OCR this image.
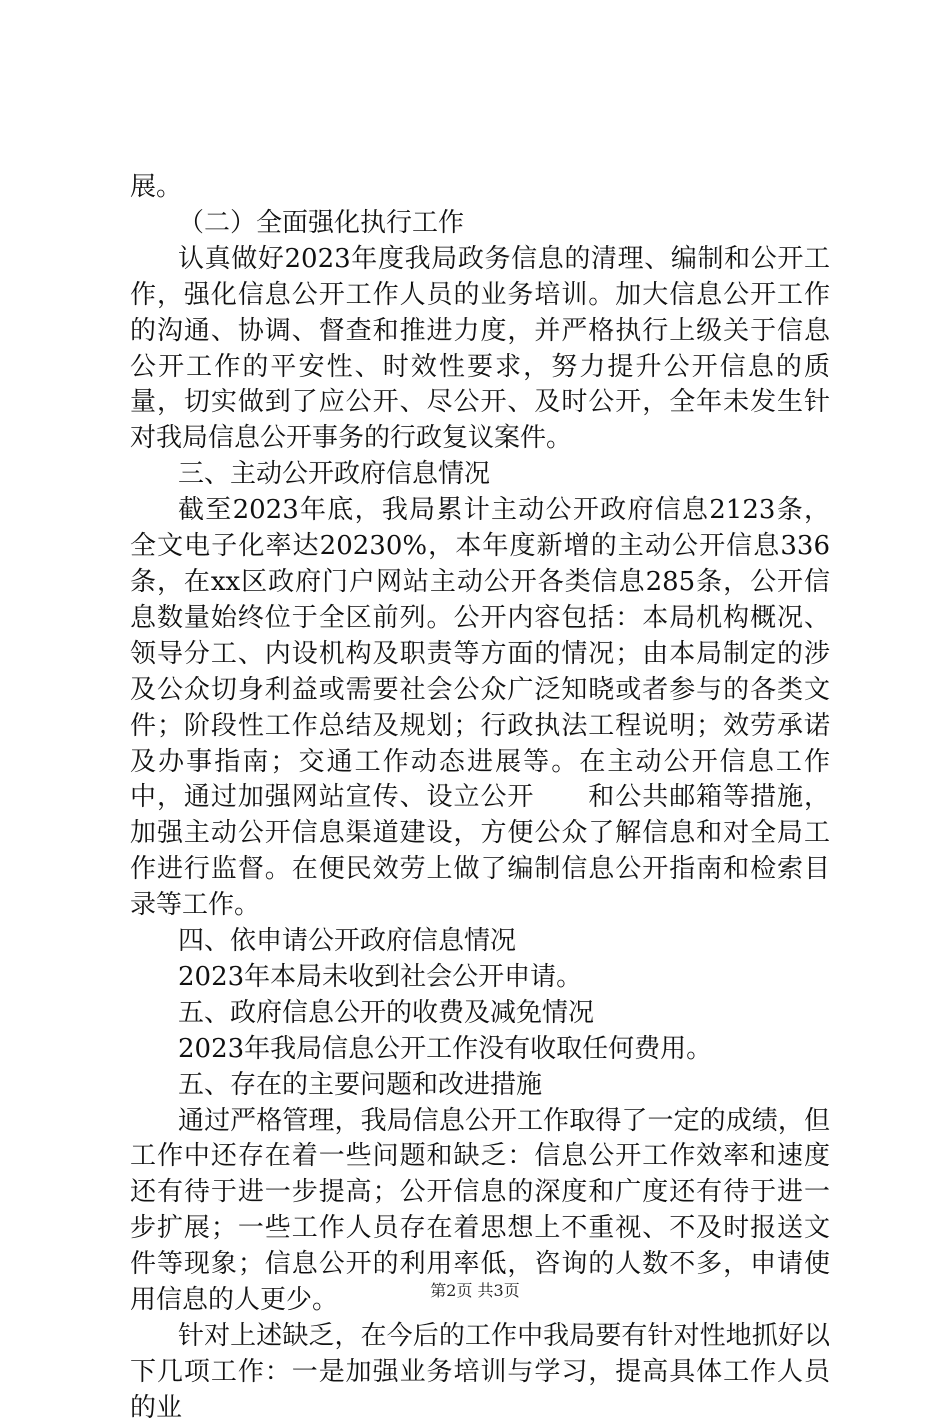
展。

（二）全面强化执行工作

认真做好2023年度我局政务信息的清理、编制和公开工作，强化信息公开工作人员的业务培训。加大信息公开工作的沟通、协调、督查和推进力度，并严格执行上级关于信息公开工作的平安性、时效性要求，努力提升公开信息的质量，切实做到了应公开、尽公开、及时公开，全年未发生针对我局信息公开事务的行政复议案件。

三、主动公开政府信息情况

截至2023年底，我局累计主动公开政府信息2123条，全文电子化率达20230%，本年度新增的主动公开信息336条，在xx区政府门户网站主动公开各类信息285条，公开信息数量始终位于全区前列。公开内容包括：本局机构概况、领导分工、内设机构及职责等方面的情况；由本局制定的涉及公众切身利益或需要社会公众广泛知晓或者参与的各类文件；阶段性工作总结及规划；行政执法工程说明；效劳承诺及办事指南；交通工作动态进展等。在主动公开信息工作中，通过加强网站宣传、设立公开　　和公共邮箱等措施，加强主动公开信息渠道建设，方便公众了解信息和对全局工作进行监督。在便民效劳上做了编制信息公开指南和检索目录等工作。

四、依申请公开政府信息情况

2023年本局未收到社会公开申请。

五、政府信息公开的收费及减免情况

2023年我局信息公开工作没有收取任何费用。

五、存在的主要问题和改进措施

通过严格管理，我局信息公开工作取得了一定的成绩，但工作中还存在着一些问题和缺乏：信息公开工作效率和速度还有待于进一步提高；公开信息的深度和广度还有待于进一步扩展；一些工作人员存在着思想上不重视、不及时报送文件等现象；信息公开的利用率低，咨询的人数不多，申请使用信息的人更少。

针对上述缺乏，在今后的工作中我局要有针对性地抓好以下几项工作：一是加强业务培训与学习，提高具体工作人员的业

第2页 共3页
